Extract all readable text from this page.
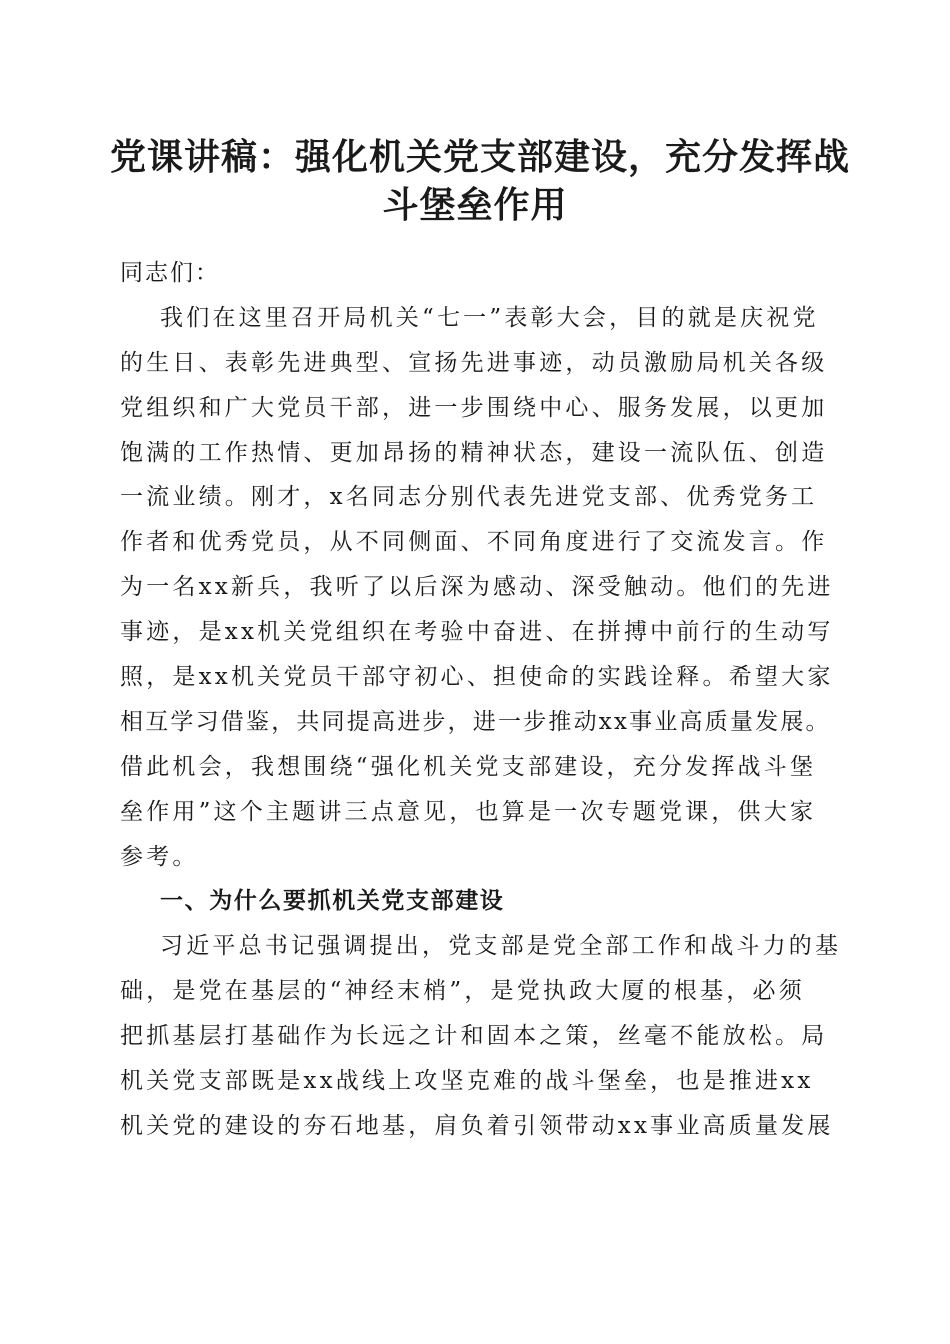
党课讲稿：强化机关党支部建设，充分发挥战
斗堡垒作用
同志们：
我们在这里召开局机关“七一”表彰大会，目的就是庆祝党
的生日、表彰先进典型、宣扬先进事迹，动员激励局机关各级
党组织和广大党员干部，进一步围绕中心、服务发展，以更加
饱满的工作热情、更加昂扬的精神状态，建设一流队伍、创造
一流业绩。刚才，x名同志分别代表先进党支部、优秀党务工
作者和优秀党员，从不同侧面、不同角度进行了交流发言。作
为一名xx新兵，我听了以后深为感动、深受触动。他们的先进
事迹，是xx机关党组织在考验中奋进、在拼搏中前行的生动写
照，是xx机关党员干部守初心、担使命的实践诠释。希望大家
相互学习借鉴，共同提高进步，进一步推动xx事业高质量发展。
借此机会，我想围绕“强化机关党支部建设，充分发挥战斗堡
垒作用”这个主题讲三点意见，也算是一次专题党课，供大家
参考。
一、为什么要抓机关党支部建设
习近平总书记强调提出，党支部是党全部工作和战斗力的基
础，是党在基层的“神经末梢”，是党执政大厦的根基，必须
把抓基层打基础作为长远之计和固本之策，丝毫不能放松。局
机关党支部既是xx战线上攻坚克难的战斗堡垒，也是推进xx
机关党的建设的夯石地基，肩负着引领带动xx事业高质量发展
